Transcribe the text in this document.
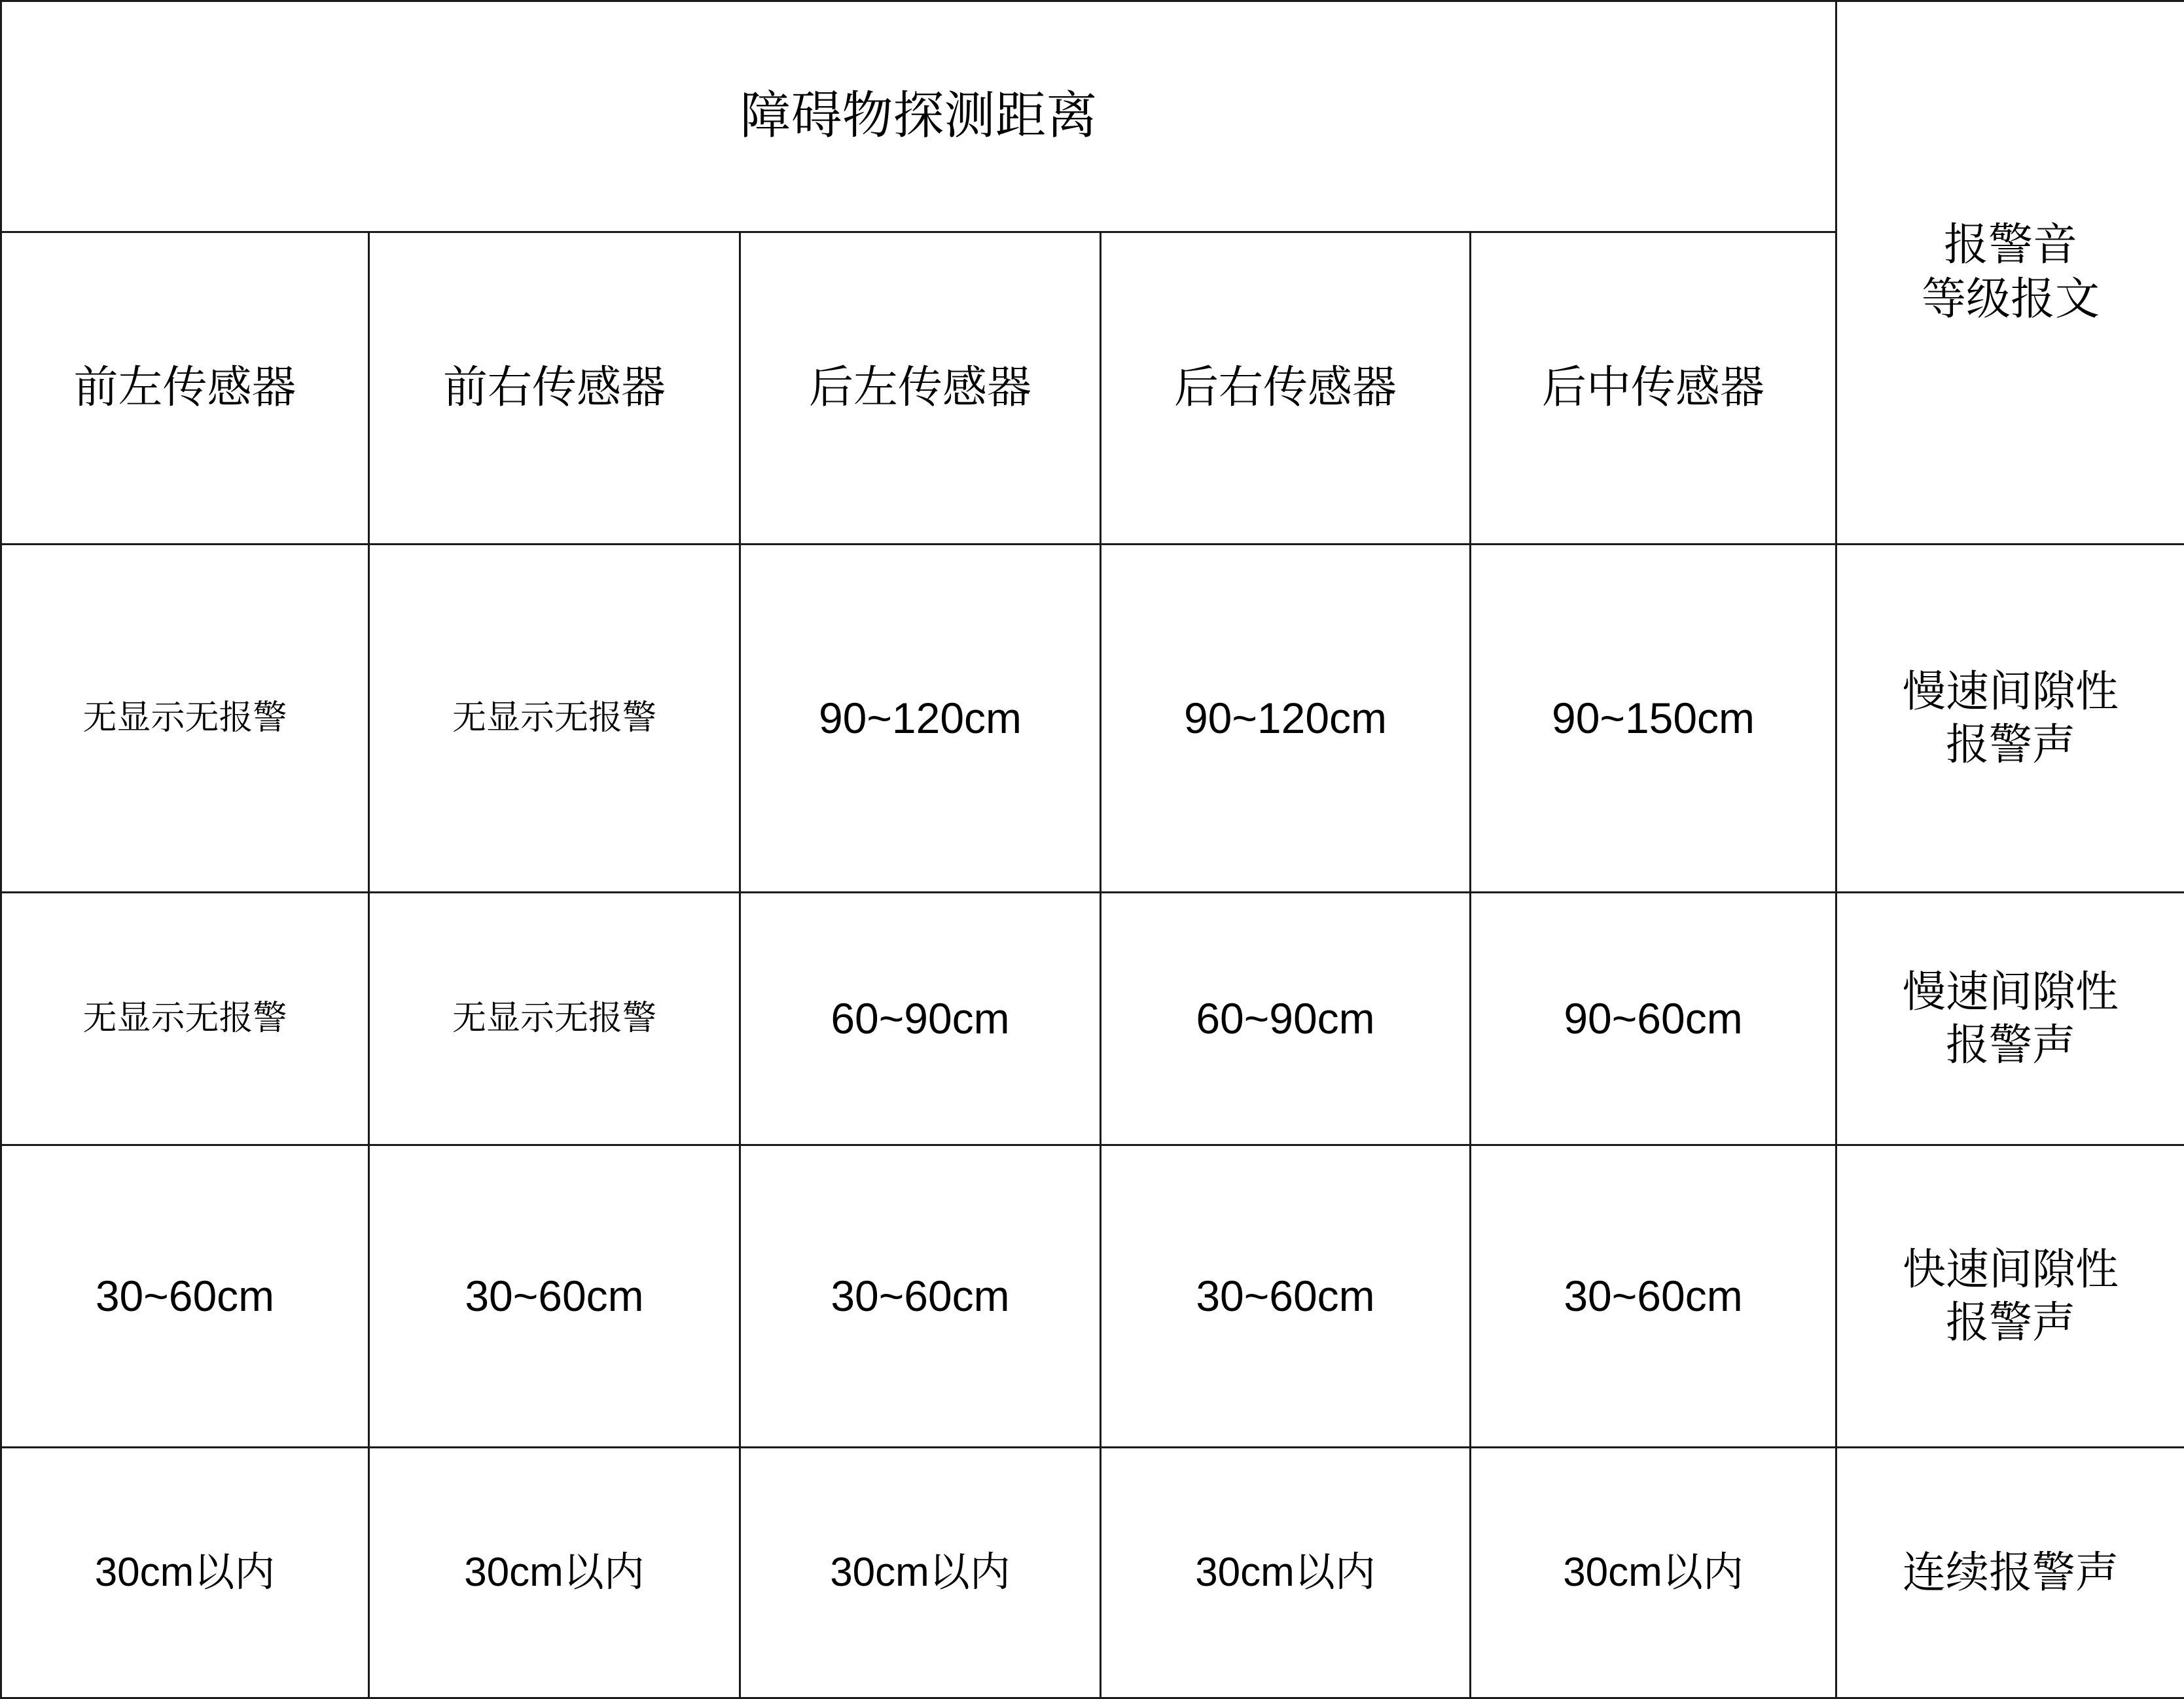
障碍物探测距离					报警音
等级报文

前左传感器	前右传感器	后左传感器	后右传感器	后中传感器	
无显示无报警	无显示无报警	90~120cm	90~120cm	90~150cm	慢速间隙性
报警声

无显示无报警	无显示无报警	60~90cm	60~90cm	90~60cm	慢速间隙性
报警声

30~60cm	30~60cm	30~60cm	30~60cm	30~60cm	快速间隙性
报警声

30cm以内	30cm以内	30cm以内	30cm以内	30cm以内	连续报警声
